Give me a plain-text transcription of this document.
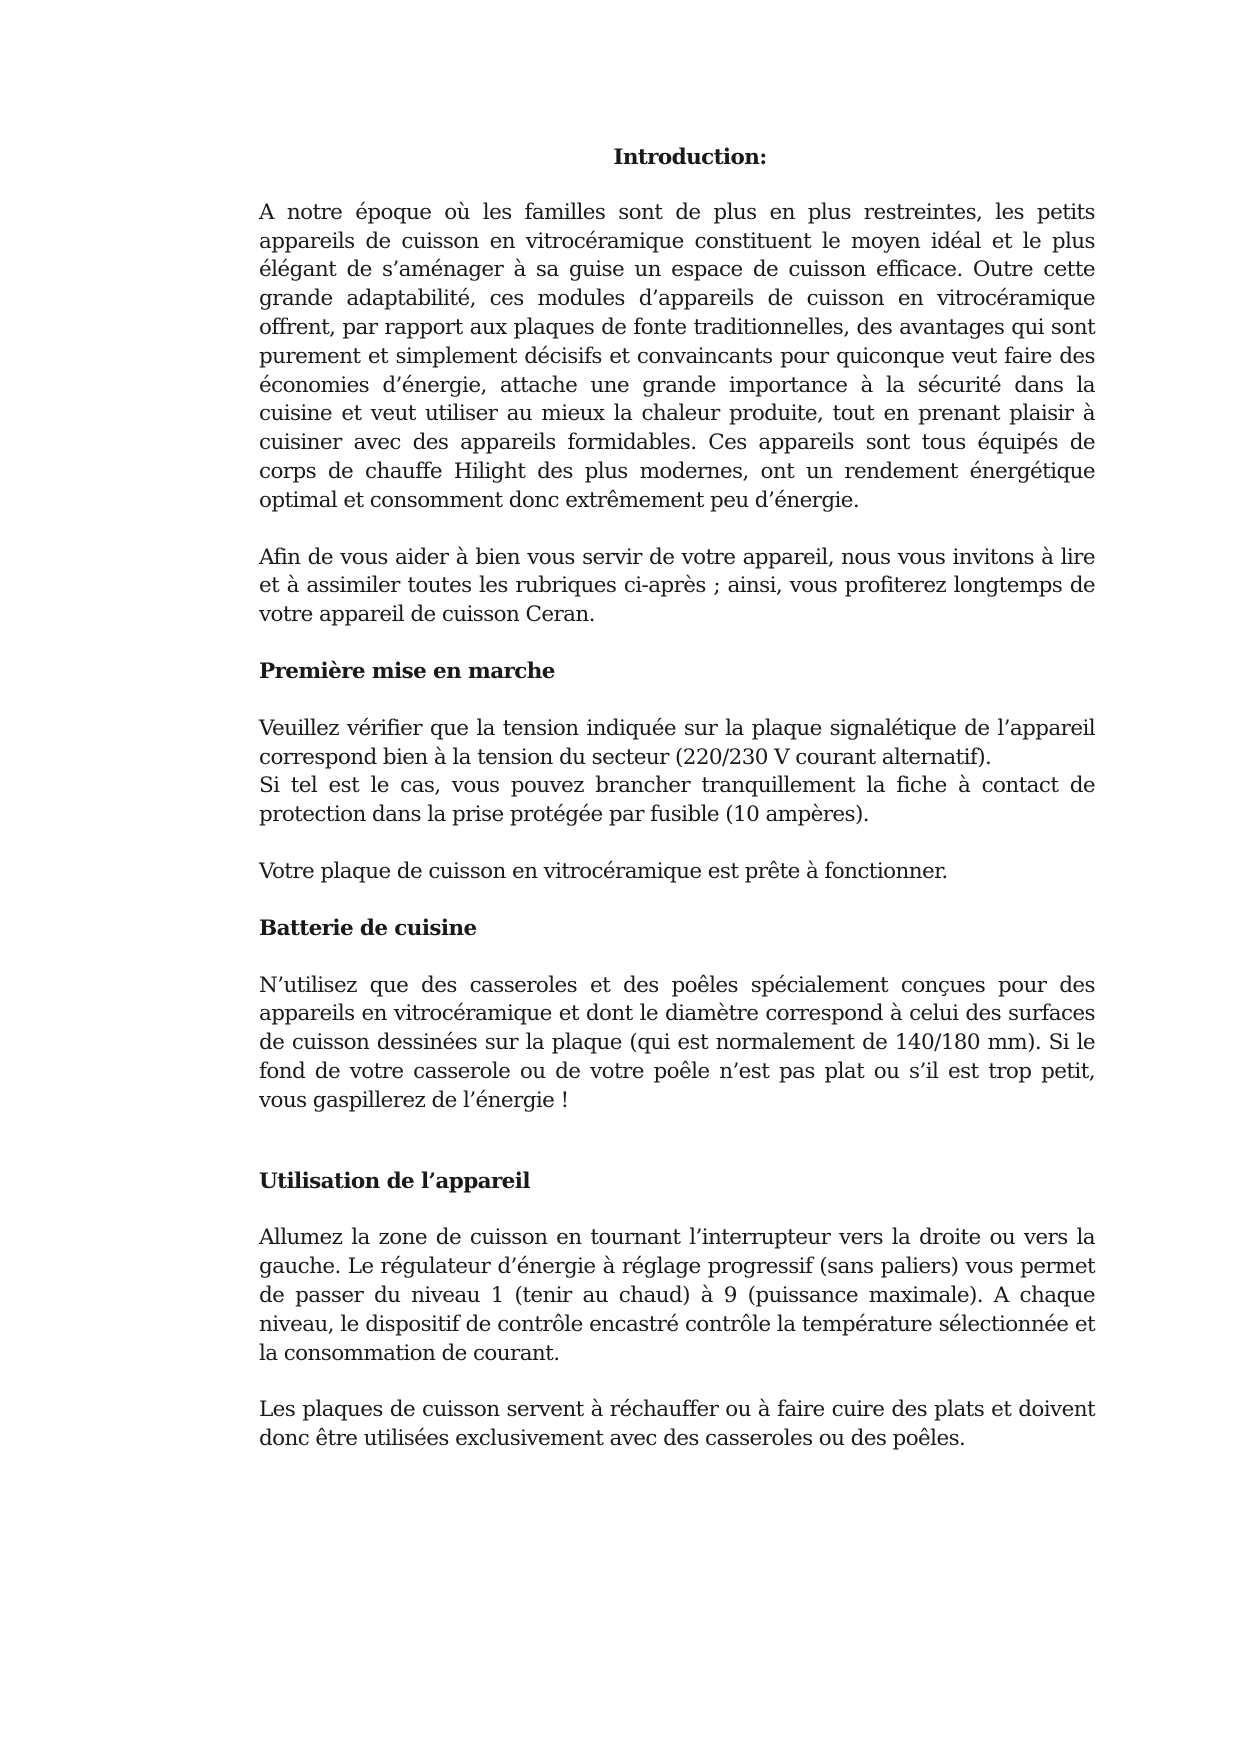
Introduction:

A notre époque où les familles sont de plus en plus restreintes, les petits appareils de cuisson en vitrocéramique constituent le moyen idéal et le plus élégant de s’aménager à sa guise un espace de cuisson efficace. Outre cette grande adaptabilité, ces modules d’appareils de cuisson en vitrocéramique offrent, par rapport aux plaques de fonte traditionnelles, des avantages qui sont purement et simplement décisifs et convaincants pour quiconque veut faire des économies d’énergie, attache une grande importance à la sécurité dans la cuisine et veut utiliser au mieux la chaleur produite, tout en prenant plaisir à cuisiner avec des appareils formidables. Ces appareils sont tous équipés de corps de chauffe Hilight des plus modernes, ont un rendement énergétique optimal et consomment donc extrêmement peu d’énergie.

Afin de vous aider à bien vous servir de votre appareil, nous vous invitons à lire et à assimiler toutes les rubriques ci-après ; ainsi, vous profiterez longtemps de votre appareil de cuisson Ceran.

Première mise en marche

Veuillez vérifier que la tension indiquée sur la plaque signalétique de l’appareil correspond bien à la tension du secteur (220/230 V courant alternatif).

Si tel est le cas, vous pouvez brancher tranquillement la fiche à contact de protection dans la prise protégée par fusible (10 ampères).

Votre plaque de cuisson en vitrocéramique est prête à fonctionner.

Batterie de cuisine

N’utilisez que des casseroles et des poêles spécialement conçues pour des appareils en vitrocéramique et dont le diamètre correspond à celui des surfaces de cuisson dessinées sur la plaque (qui est normalement de 140/180 mm). Si le fond de votre casserole ou de votre poêle n’est pas plat ou s’il est trop petit, vous gaspillerez de l’énergie !

Utilisation de l’appareil

Allumez la zone de cuisson en tournant l’interrupteur vers la droite ou vers la gauche. Le régulateur d’énergie à réglage progressif (sans paliers) vous permet de passer du niveau 1 (tenir au chaud) à 9 (puissance maximale). A chaque niveau, le dispositif de contrôle encastré contrôle la température sélectionnée et la consommation de courant.

Les plaques de cuisson servent à réchauffer ou à faire cuire des plats et doivent donc être utilisées exclusivement avec des casseroles ou des poêles.
